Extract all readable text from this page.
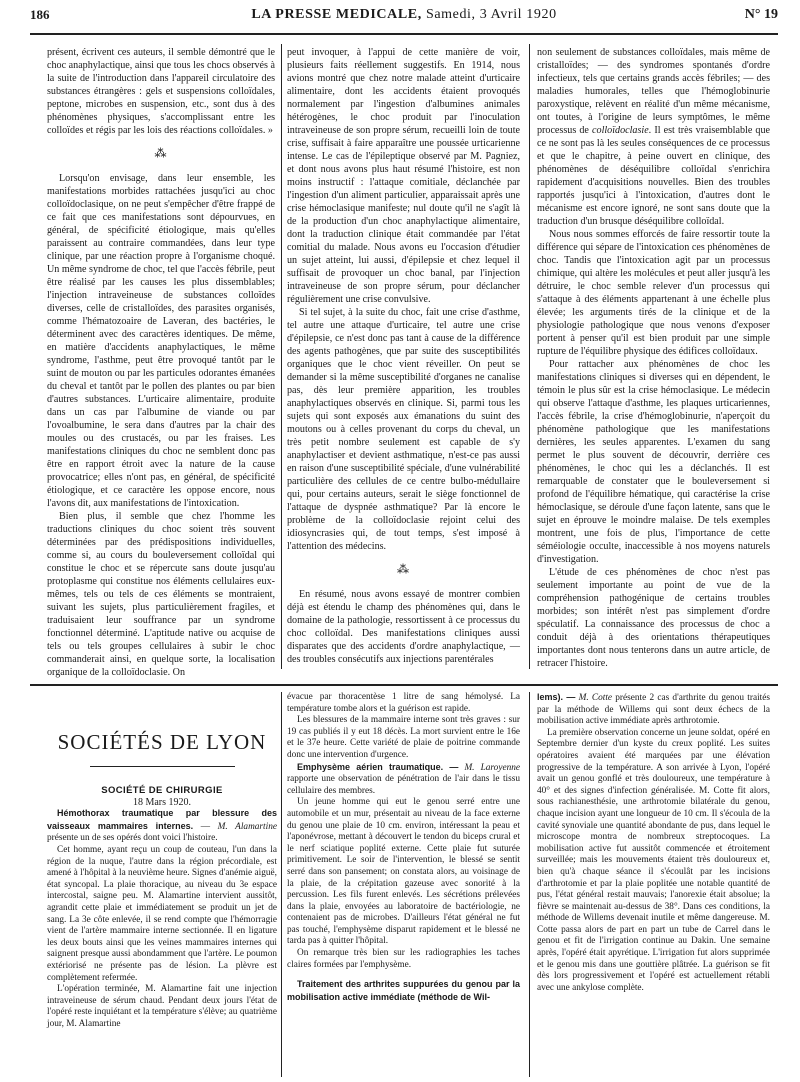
186	LA PRESSE MEDICALE, Samedi, 3 Avril 1920	N° 19

présent, écrivent ces auteurs, il semble démontré que le choc anaphylactique, ainsi que tous les chocs observés à la suite de l'introduction dans l'appareil circulatoire des substances étrangères : gels et suspensions colloïdales, peptone, microbes en suspension, etc., sont dus à des phénomènes physiques, s'accomplissant entre les colloïdes et régis par les lois des réactions colloïdales. »

⁂

Lorsqu'on envisage, dans leur ensemble, les manifestations morbides rattachées jusqu'ici au choc colloïdoclasique, on ne peut s'empêcher d'être frappé de ce fait que ces manifestations sont dépourvues, en général, de spécificité étiologique, mais qu'elles paraissent au contraire commandées, dans leur type clinique, par une réaction propre à l'organisme choqué. Un même syndrome de choc, tel que l'accès fébrile, peut être réalisé par les causes les plus dissemblables; l'injection intraveineuse de substances colloïdes diverses, celle de cristalloïdes, des parasites organisés, comme l'hématozoaire de Laveran, des bactéries, le déterminent avec des caractères identiques. De même, en matière d'accidents anaphylactiques, le même syndrome, l'asthme, peut être provoqué tantôt par le suint de mouton ou par les particules odorantes émanées du cheval et tantôt par le pollen des plantes ou par bien d'autres substances. L'urticaire alimentaire, produite dans un cas par l'albumine de viande ou par l'ovoalbumine, le sera dans d'autres par la chair des moules ou des crustacés, ou par les fraises. Les manifestations cliniques du choc ne semblent donc pas être en rapport étroit avec la nature de la cause provocatrice; elles n'ont pas, en général, de spécificité étiologique, et ce caractère les oppose encore, nous l'avons dit, aux manifestations de l'intoxication.

Bien plus, il semble que chez l'homme les traductions cliniques du choc soient très souvent déterminées par des prédispositions individuelles, comme si, au cours du bouleversement colloïdal qui constitue le choc et se répercute sans doute jusqu'au protoplasme qui constitue nos éléments cellulaires eux-mêmes, tels ou tels de ces éléments se montraient, suivant les sujets, plus particulièrement fragiles, et traduisaient leur souffrance par un syndrome fonctionnel déterminé. L'aptitude native ou acquise de tels ou tels groupes cellulaires à subir le choc commanderait ainsi, en quelque sorte, la localisation organique de la colloïdoclasie. On

peut invoquer, à l'appui de cette manière de voir, plusieurs faits réellement suggestifs. En 1914, nous avions montré que chez notre malade atteint d'urticaire alimentaire, dont les accidents étaient provoqués normalement par l'ingestion d'albumines animales hétérogènes, le choc produit par l'inoculation intraveineuse de son propre sérum, recueilli loin de toute crise, suffisait à faire apparaître une poussée urticarienne intense. Le cas de l'épileptique observé par M. Pagniez, et dont nous avons plus haut résumé l'histoire, est non moins instructif : l'attaque comitiale, déclanchée par l'ingestion d'un aliment particulier, apparaissait après une crise hémoclasique manifeste; nul doute qu'il ne s'agît là de la production d'un choc anaphylactique alimentaire, dont la traduction clinique était commandée par l'état comitial du malade. Nous avons eu l'occasion d'étudier un sujet atteint, lui aussi, d'épilepsie et chez lequel il suffisait de provoquer un choc banal, par l'injection intraveineuse de son propre sérum, pour déclancher régulièrement une crise convulsive.

Si tel sujet, à la suite du choc, fait une crise d'asthme, tel autre une attaque d'urticaire, tel autre une crise d'épilepsie, ce n'est donc pas tant à cause de la différence des agents pathogènes, que par suite des susceptibilités organiques que le choc vient réveiller. On peut se demander si la même susceptibilité d'organes ne canalise pas, dès leur première apparition, les troubles anaphylactiques observés en clinique. Si, parmi tous les sujets qui sont exposés aux émanations du suint des moutons ou à celles provenant du corps du cheval, un très petit nombre seulement est capable de s'y anaphylactiser et devient asthmatique, n'est-ce pas aussi en raison d'une susceptibilité spéciale, d'une vulnérabilité particulière des cellules de ce centre bulbo-médullaire qui, pour certains auteurs, serait le siège fonctionnel de l'attaque de dyspnée asthmatique? Par là encore le problème de la colloïdoclasie rejoint celui des idiosyncrasies qui, de tout temps, s'est imposé à l'attention des médecins.

⁂

En résumé, nous avons essayé de montrer combien déjà est étendu le champ des phénomènes qui, dans le domaine de la pathologie, ressortissent à ce processus du choc colloïdal. Des manifestations cliniques aussi disparates que des accidents d'ordre anaphylactique, — des troubles consécutifs aux injections parentérales

non seulement de substances colloïdales, mais même de cristalloïdes; — des syndromes spontanés d'ordre infectieux, tels que certains grands accès fébriles; — des maladies humorales, telles que l'hémoglobinurie paroxystique, relèvent en réalité d'un même mécanisme, ont toutes, à l'origine de leurs symptômes, le même processus de colloïdoclasie. Il est très vraisemblable que ce ne sont pas là les seules conséquences de ce processus et que le chapitre, à peine ouvert en clinique, des phénomènes de déséquilibre colloïdal s'enrichira rapidement d'acquisitions nouvelles. Bien des troubles rapportés jusqu'ici à l'intoxication, d'autres dont le mécanisme est encore ignoré, ne sont sans doute que la traduction d'un brusque déséquilibre colloïdal.

Nous nous sommes efforcés de faire ressortir toute la différence qui sépare de l'intoxication ces phénomènes de choc. Tandis que l'intoxication agit par un processus chimique, qui altère les molécules et peut aller jusqu'à les détruire, le choc semble relever d'un processus qui s'attaque à des éléments appartenant à une échelle plus élevée; les arguments tirés de la clinique et de la physiologie pathologique que nous venons d'exposer portent à penser qu'il est bien produit par une simple rupture de l'équilibre physique des édifices colloïdaux.

Pour rattacher aux phénomènes de choc les manifestations cliniques si diverses qui en dépendent, le témoin le plus sûr est la crise hémoclasique. Le médecin qui observe l'attaque d'asthme, les plaques urticariennes, l'accès fébrile, la crise d'hémoglobinurie, n'aperçoit du phénomène pathologique que les manifestations dernières, les seules apparentes. L'examen du sang permet le plus souvent de découvrir, derrière ces phénomènes, le choc qui les a déclanchés. Il est remarquable de constater que le bouleversement si profond de l'équilibre hématique, qui caractérise la crise hémoclasique, se déroule d'une façon latente, sans que le sujet en éprouve le moindre malaise. De tels exemples montrent, une fois de plus, l'importance de cette séméiologie occulte, inaccessible à nos moyens naturels d'investigation.

L'étude de ces phénomènes de choc n'est pas seulement importante au point de vue de la compréhension pathogénique de certains troubles morbides; son intérêt n'est pas simplement d'ordre spéculatif. La connaissance des processus de choc a conduit déjà à des orientations thérapeutiques importantes dont nous tenterons dans un autre article, de retracer l'histoire.

SOCIÉTÉS DE LYON

SOCIÉTÉ DE CHIRURGIE

18 Mars 1920.

Hémothorax traumatique par blessure des vaisseaux mammaires internes. — M. Alamartine présente un de ses opérés dont voici l'histoire.

Cet homme, ayant reçu un coup de couteau, l'un dans la région de la nuque, l'autre dans la région précordiale, est amené à l'hôpital à la neuvième heure. Signes d'anémie aiguë, état syncopal. La plaie thoracique, au niveau du 3e espace intercostal, saigne peu. M. Alamartine intervient aussitôt, agrandit cette plaie et immédiatement se produit un jet de sang. La 3e côte enlevée, il se rend compte que l'hémorragie vient de l'artère mammaire interne sectionnée. Il en ligature les deux bouts ainsi que les veines mammaires internes qui saignent presque aussi abondamment que l'artère. Le poumon extériorisé ne présente pas de lésion. La plèvre est complètement refermée.

L'opération terminée, M. Alamartine fait une injection intraveineuse de sérum chaud. Pendant deux jours l'état de l'opéré reste inquiétant et la température s'élève; au quatrième jour, M. Alamartine

évacue par thoracentèse 1 litre de sang hémolysé. La température tombe alors et la guérison est rapide.

Les blessures de la mammaire interne sont très graves : sur 19 cas publiés il y eut 18 décès. La mort survient entre le 16e et le 37e heure. Cette variété de plaie de poitrine commande donc une intervention d'urgence.

Emphysème aérien traumatique. — M. Laroyenne rapporte une observation de pénétration de l'air dans le tissu cellulaire des membres.

Un jeune homme qui eut le genou serré entre une automobile et un mur, présentait au niveau de la face externe du genou une plaie de 10 cm. environ, intéressant la peau et l'aponévrose, mettant à découvert le tendon du biceps crural et le nerf sciatique poplité externe. Cette plaie fut suturée primitivement. Le soir de l'intervention, le blessé se sentit serré dans son pansement; on constata alors, au voisinage de la plaie, de la crépitation gazeuse avec sonorité à la percussion. Les fils furent enlevés. Les sécrétions prélevées dans la plaie, envoyées au laboratoire de bactériologie, ne contenaient pas de microbes. D'ailleurs l'état général ne fut pas touché, l'emphysème disparut rapidement et le blessé ne tarda pas à quitter l'hôpital.

On remarque très bien sur les radiographies les taches claires formées par l'emphysème.

Traitement des arthrites suppurées du genou par la mobilisation active immédiate (méthode de Wil-

lems). — M. Cotte présente 2 cas d'arthrite du genou traités par la méthode de Willems qui sont deux échecs de la mobilisation active immédiate après arthrotomie.

La première observation concerne un jeune soldat, opéré en Septembre dernier d'un kyste du creux poplité. Les suites opératoires avaient été marquées par une élévation progressive de la température. A son arrivée à Lyon, l'opéré avait un genou gonflé et très douloureux, une température à 40° et des signes d'infection généralisée. M. Cotte fit alors, sous rachianesthésie, une arthrotomie bilatérale du genou, chaque incision ayant une longueur de 10 cm. Il s'écoula de la cavité synoviale une quantité abondante de pus, dans lequel le microscope montra de nombreux streptocoques. La mobilisation active fut aussitôt commencée et étroitement surveillée; mais les mouvements étaient très douloureux et, bien qu'à chaque séance il s'écoulât par les incisions d'arthrotomie et par la plaie poplitée une notable quantité de pus, l'état général restait mauvais; l'anorexie était absolue; la fièvre se maintenait au-dessus de 38°. Dans ces conditions, la méthode de Willems devenait inutile et même dangereuse. M. Cotte passa alors de part en part un tube de Carrel dans le genou et fit de l'irrigation continue au Dakin. Une semaine après, l'opéré était apyrétique. L'irrigation fut alors supprimée et le genou mis dans une gouttière plâtrée. La guérison se fit dès lors progressivement et l'opéré est actuellement rétabli avec une ankylose complète.
